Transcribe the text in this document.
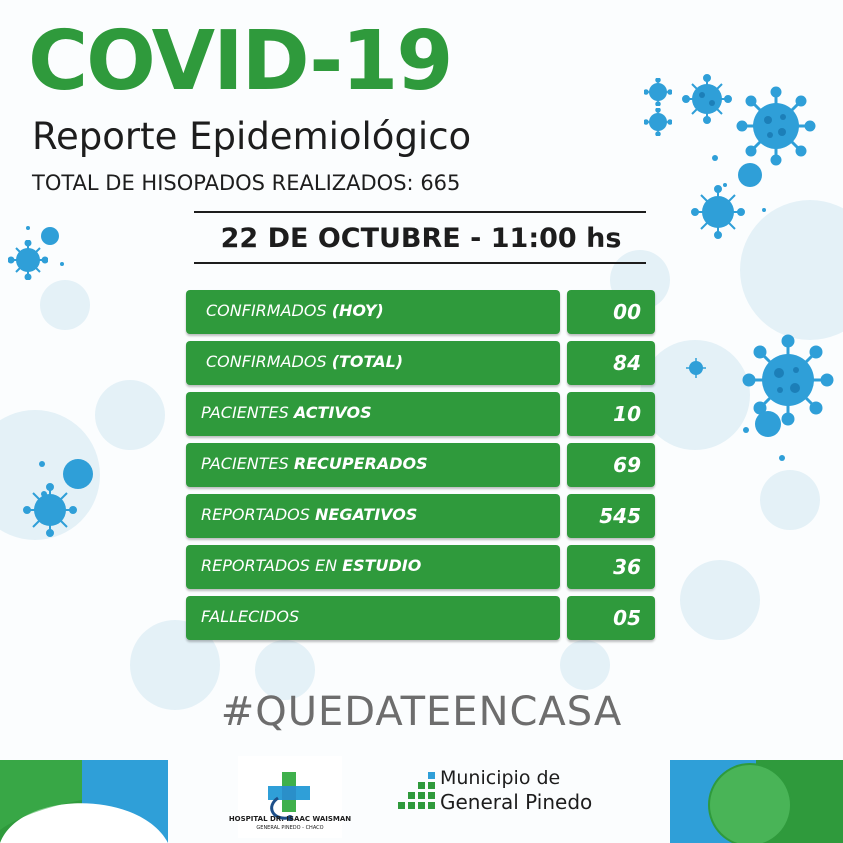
COVID-19
Reporte Epidemiológico
TOTAL DE HISOPADOS REALIZADOS: 665
22 DE OCTUBRE - 11:00 hs
CONFIRMADOS (HOY)	00
CONFIRMADOS (TOTAL)	84
PACIENTES ACTIVOS	10
PACIENTES RECUPERADOS	69
REPORTADOS NEGATIVOS	545
REPORTADOS EN ESTUDIO	36
FALLECIDOS	05
#QUEDATEENCASA
HOSPITAL DR. ISAAC WAISMAN
GENERAL PINEDO - CHACO
Municipio de
General Pinedo
